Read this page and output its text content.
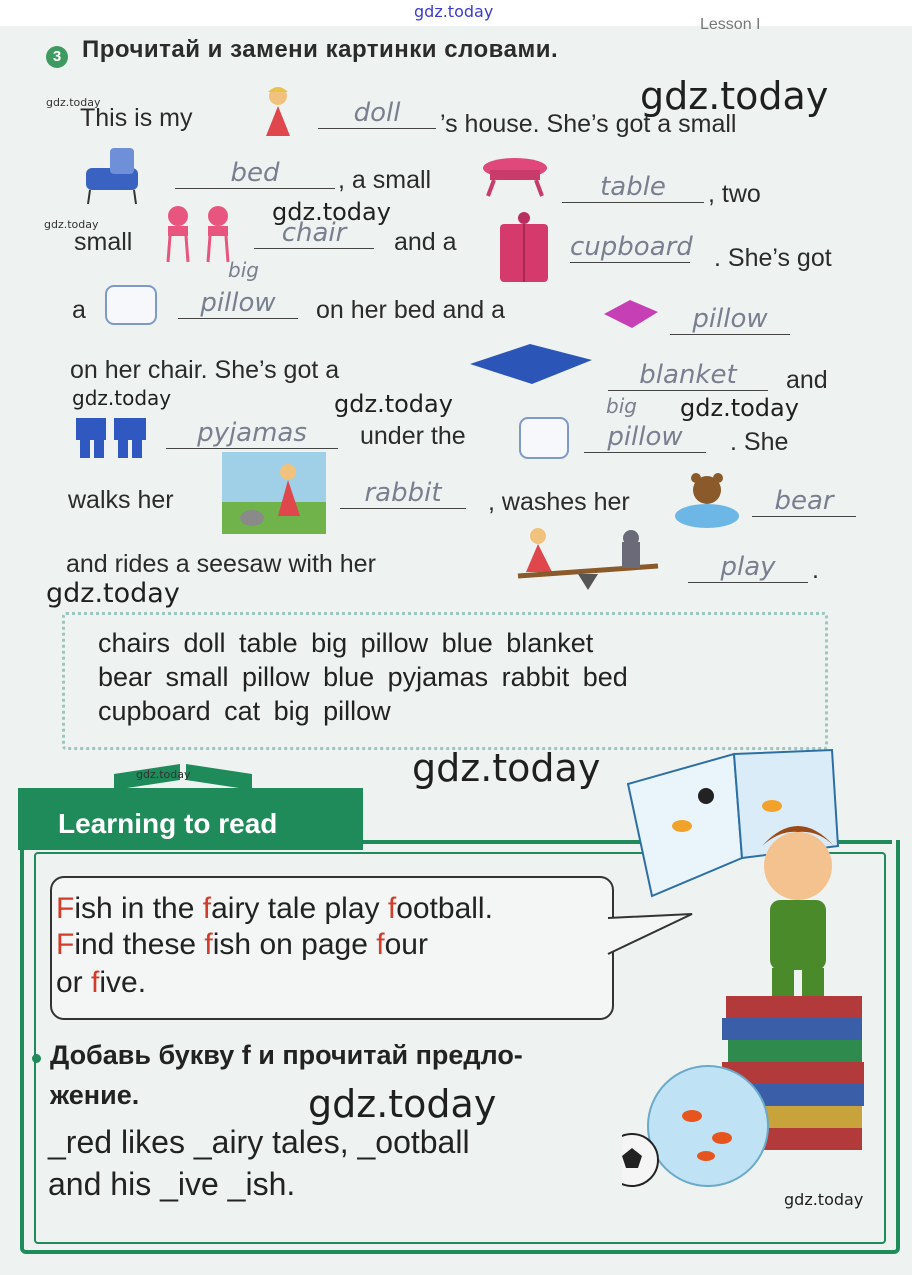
gdz.today
Lesson I
3 Прочитай и замени картинки словами.
This is my	doll	’s house. She’s got a small
bed	, a small	table	, two
small	chair	and a	cupboard . She’s got
big
a	pillow	on her bed and a	pillow
on her chair. She’s got a	blanket	and
big
pyjamas	under the	pillow	. She
walks her	rabbit	, washes her	bear
and rides a seesaw with her	play	.
chairs doll table big pillow blue blanket
bear small pillow blue pyjamas rabbit bed
cupboard cat big pillow
Learning to read
Fish in the fairy tale play football.
Find these fish on page four
or five.
Добавь букву f и прочитай предло-
жение.
_red likes _airy tales, _ootball
and his _ive _ish.
gdz.today	gdz.today
gdz.today	gdz.today
gdz.today	gdz.today	gdz.today
gdz.today
gdz.today	gdz.today
gdz.today
gdz.today
